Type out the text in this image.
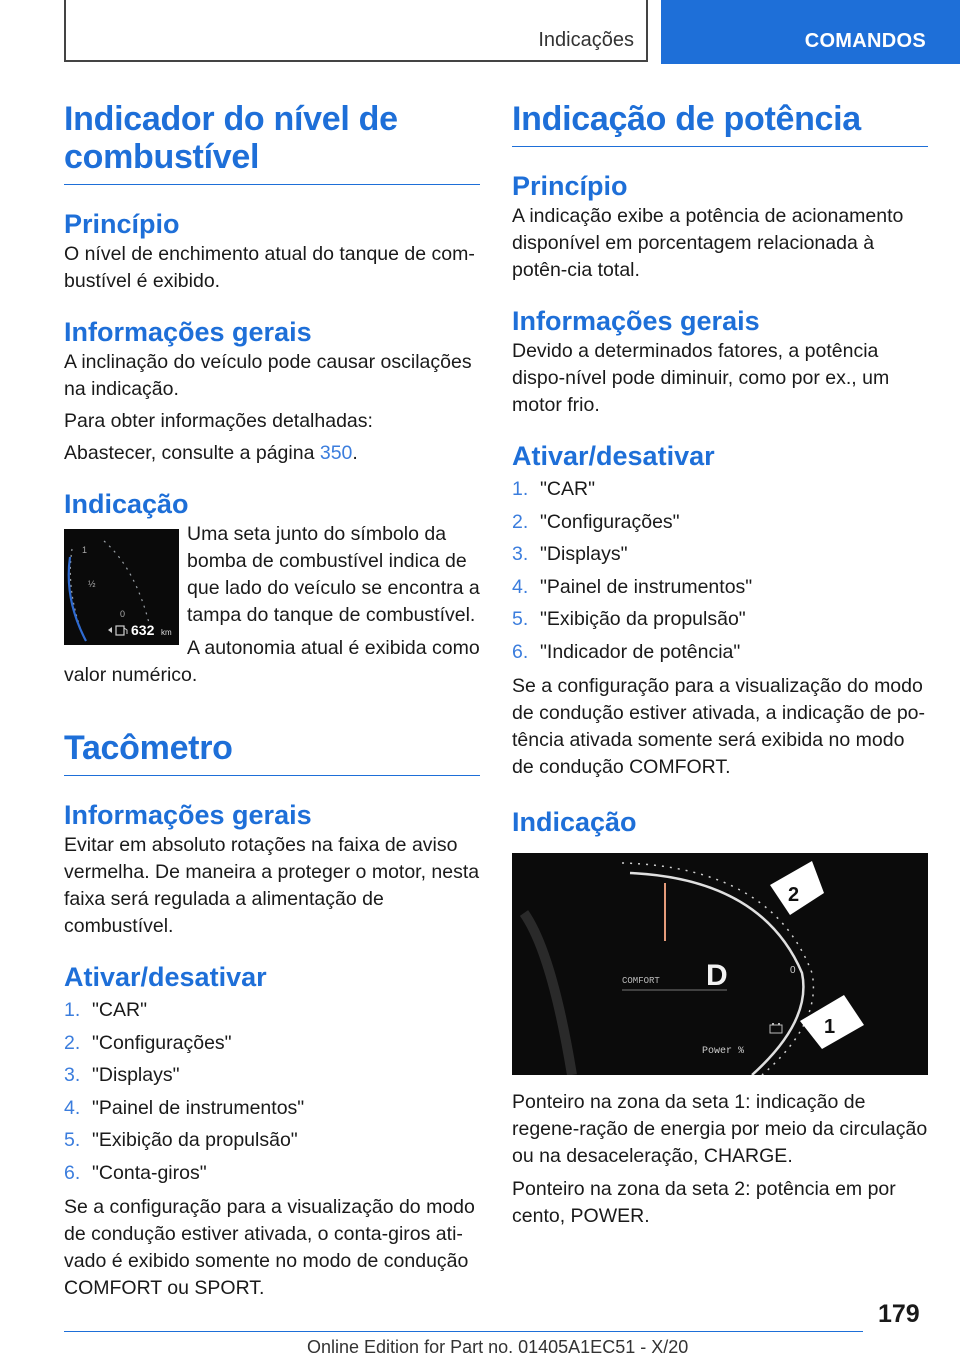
Indicações	COMANDOS
Indicador do nível de combustível
Princípio

O nível de enchimento atual do tanque de com-bustível é exibido.

Informações gerais

A inclinação do veículo pode causar oscilações na indicação.

Para obter informações detalhadas:

Abastecer, consulte a página 350.

Indicação
1
½
0
632 km

Uma seta junto do símbolo da bomba de combustível indica de que lado do veículo se encontra a tampa do tanque de combustível.

A autonomia atual é exibida como valor numérico.

Tacômetro
Informações gerais

Evitar em absoluto rotações na faixa de aviso vermelha. De maneira a proteger o motor, nesta faixa será regulada a alimentação de combustível.

Ativar/desativar
1. "CAR"
2. "Configurações"
3. "Displays"
4. "Painel de instrumentos"
5. "Exibição da propulsão"
6. "Conta-giros"

Se a configuração para a visualização do modo de condução estiver ativada, o conta-giros ati-vado é exibido somente no modo de condução COMFORT ou SPORT.

Indicação de potência
Princípio

A indicação exibe a potência de acionamento disponível em porcentagem relacionada à potên-cia total.

Informações gerais

Devido a determinados fatores, a potência dispo-nível pode diminuir, como por ex., um motor frio.

Ativar/desativar
1. "CAR"
2. "Configurações"
3. "Displays"
4. "Painel de instrumentos"
5. "Exibição da propulsão"
6. "Indicador de potência"

Se a configuração para a visualização do modo de condução estiver ativada, a indicação de po-tência ativada somente será exibida no modo de condução COMFORT.

Indicação
COMFORT D	0
Power %
2
1

Ponteiro na zona da seta 1: indicação de regene-ração de energia por meio da circulação ou na desaceleração, CHARGE.

Ponteiro na zona da seta 2: potência em por cento, POWER.

179
Online Edition for Part no. 01405A1EC51 - X/20
